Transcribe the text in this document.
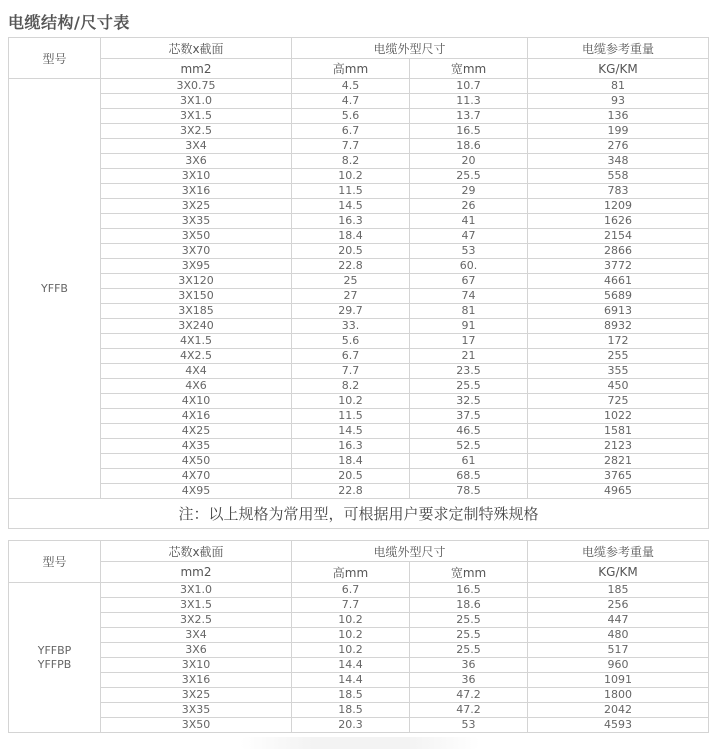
电缆结构/尺寸表
型号	芯数x截面	电缆外型尺寸		电缆参考重量
	mm2	高mm	宽mm	KG/KM
YFFB	3X0.75	4.5	10.7	81
	3X1.0	4.7	11.3	93
	3X1.5	5.6	13.7	136
	3X2.5	6.7	16.5	199
	3X4	7.7	18.6	276
	3X6	8.2	20	348
	3X10	10.2	25.5	558
	3X16	11.5	29	783
	3X25	14.5	26	1209
	3X35	16.3	41	1626
	3X50	18.4	47	2154
	3X70	20.5	53	2866
	3X95	22.8	60.	3772
	3X120	25	67	4661
	3X150	27	74	5689
	3X185	29.7	81	6913
	3X240	33.	91	8932
	4X1.5	5.6	17	172
	4X2.5	6.7	21	255
	4X4	7.7	23.5	355
	4X6	8.2	25.5	450
	4X10	10.2	32.5	725
	4X16	11.5	37.5	1022
	4X25	14.5	46.5	1581
	4X35	16.3	52.5	2123
	4X50	18.4	61	2821
	4X70	20.5	68.5	3765
	4X95	22.8	78.5	4965
注：以上规格为常用型，可根据用户要求定制特殊规格				
型号	芯数x截面	电缆外型尺寸		电缆参考重量
	mm2	高mm	宽mm	KG/KM

YFFBP
YFFPB	3X1.0	6.7	16.5	185
	3X1.5	7.7	18.6	256
	3X2.5	10.2	25.5	447
	3X4	10.2	25.5	480
	3X6	10.2	25.5	517
	3X10	14.4	36	960
	3X16	14.4	36	1091
	3X25	18.5	47.2	1800
	3X35	18.5	47.2	2042
	3X50	20.3	53	4593
